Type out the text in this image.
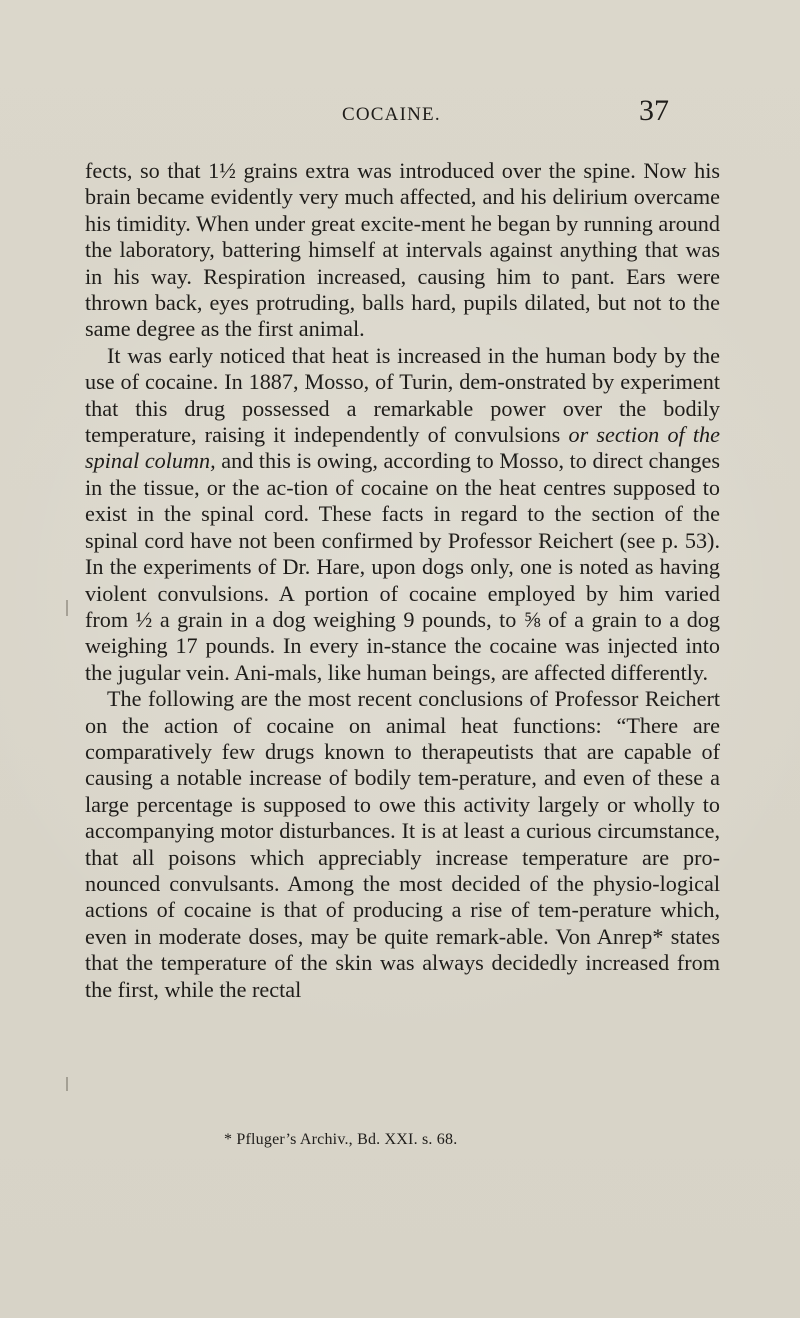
COCAINE.	37

fects, so that 1½ grains extra was introduced over the spine. Now his brain became evidently very much affected, and his delirium overcame his timidity. When under great excite-ment he began by running around the laboratory, battering himself at intervals against anything that was in his way. Respiration increased, causing him to pant. Ears were thrown back, eyes protruding, balls hard, pupils dilated, but not to the same degree as the first animal.

It was early noticed that heat is increased in the human body by the use of cocaine. In 1887, Mosso, of Turin, dem-onstrated by experiment that this drug possessed a remarkable power over the bodily temperature, raising it independently of convulsions or section of the spinal column, and this is owing, according to Mosso, to direct changes in the tissue, or the ac-tion of cocaine on the heat centres supposed to exist in the spinal cord. These facts in regard to the section of the spinal cord have not been confirmed by Professor Reichert (see p. 53). In the experiments of Dr. Hare, upon dogs only, one is noted as having violent convulsions. A portion of cocaine employed by him varied from ½ a grain in a dog weighing 9 pounds, to ⅝ of a grain to a dog weighing 17 pounds. In every in-stance the cocaine was injected into the jugular vein. Ani-mals, like human beings, are affected differently.

The following are the most recent conclusions of Professor Reichert on the action of cocaine on animal heat functions: “There are comparatively few drugs known to therapeutists that are capable of causing a notable increase of bodily tem-perature, and even of these a large percentage is supposed to owe this activity largely or wholly to accompanying motor disturbances. It is at least a curious circumstance, that all poisons which appreciably increase temperature are pro-nounced convulsants. Among the most decided of the physio-logical actions of cocaine is that of producing a rise of tem-perature which, even in moderate doses, may be quite remark-able. Von Anrep* states that the temperature of the skin was always decidedly increased from the first, while the rectal

* Pfluger’s Archiv., Bd. XXI. s. 68.
